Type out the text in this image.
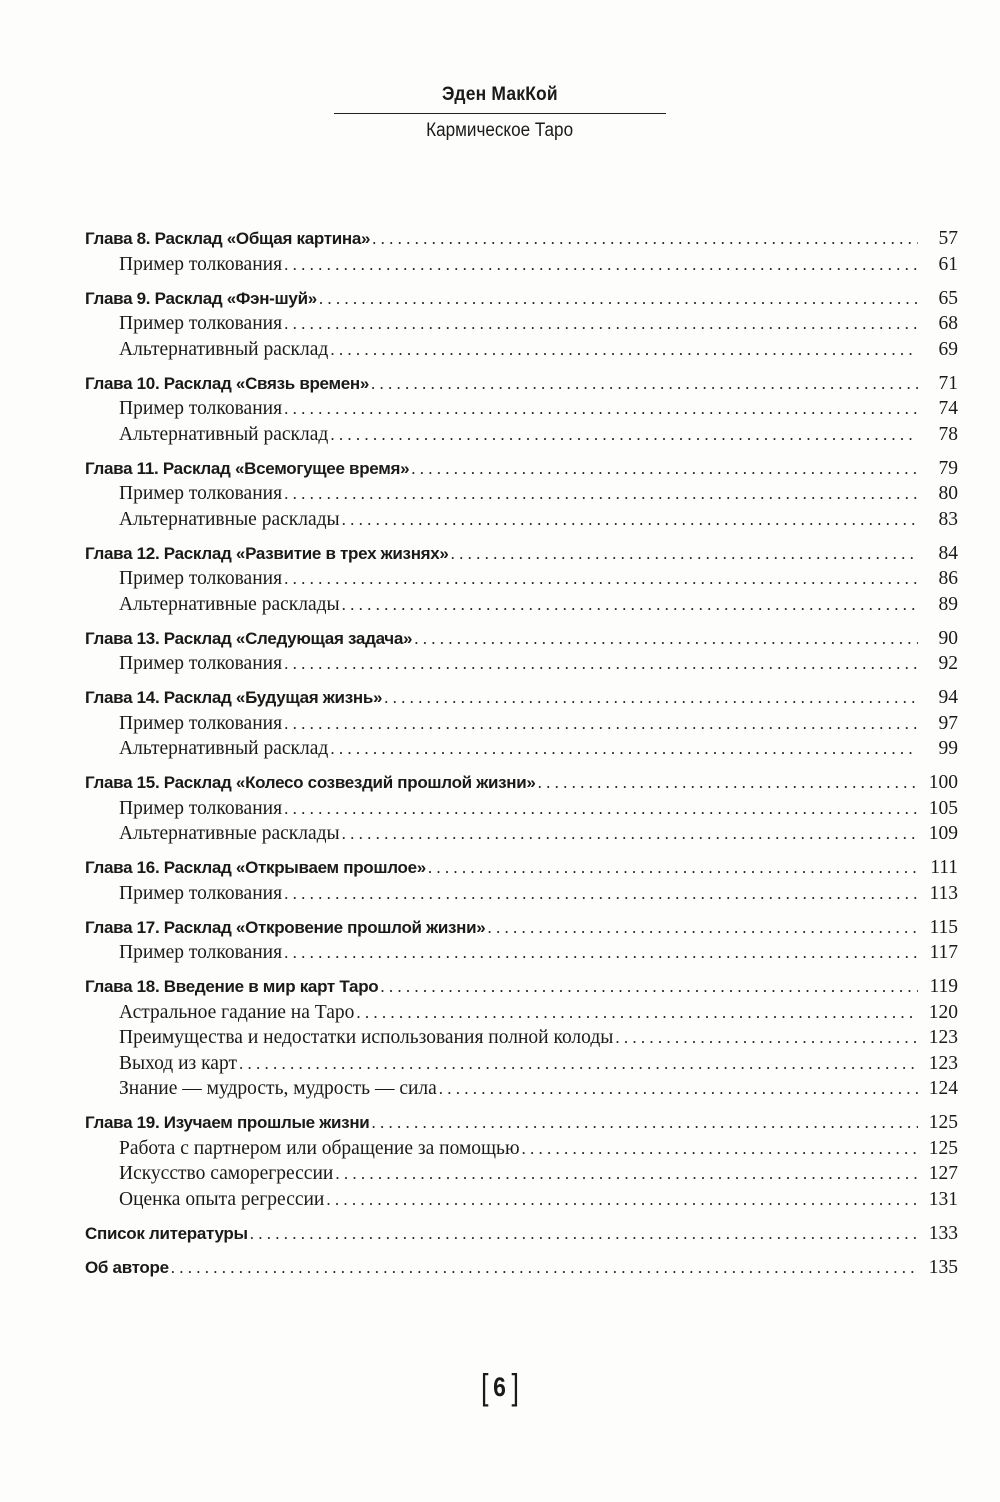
Эден МакКой
Кармическое Таро
Глава 8. Расклад «Общая картина» . . .	57
Пример толкования . . .	61
Глава 9. Расклад «Фэн-шуй» . . .	65
Пример толкования . . .	68
Альтернативный расклад . . .	69
Глава 10. Расклад «Связь времен» . . .	71
Пример толкования . . .	74
Альтернативный расклад . . .	78
Глава 11. Расклад «Всемогущее время» . . .	79
Пример толкования . . .	80
Альтернативные расклады . . .	83
Глава 12. Расклад «Развитие в трех жизнях» . . .	84
Пример толкования . . .	86
Альтернативные расклады . . .	89
Глава 13. Расклад «Следующая задача» . . .	90
Пример толкования . . .	92
Глава 14. Расклад «Будущая жизнь» . . .	94
Пример толкования . . .	97
Альтернативный расклад . . .	99
Глава 15. Расклад «Колесо созвездий прошлой жизни» . . .	100
Пример толкования . . .	105
Альтернативные расклады . . .	109
Глава 16. Расклад «Открываем прошлое» . . .	111
Пример толкования . . .	113
Глава 17. Расклад «Откровение прошлой жизни» . . .	115
Пример толкования . . .	117
Глава 18. Введение в мир карт Таро . . .	119
Астральное гадание на Таро . . .	120
Преимущества и недостатки использования полной колоды . . .	123
Выход из карт . . .	123
Знание — мудрость, мудрость — сила . . .	124
Глава 19. Изучаем прошлые жизни . . .	125
Работа с партнером или обращение за помощью . . .	125
Искусство саморегрессии . . .	127
Оценка опыта регрессии . . .	131
Список литературы . . .	133
Об авторе . . .	135
[ 6 ]
